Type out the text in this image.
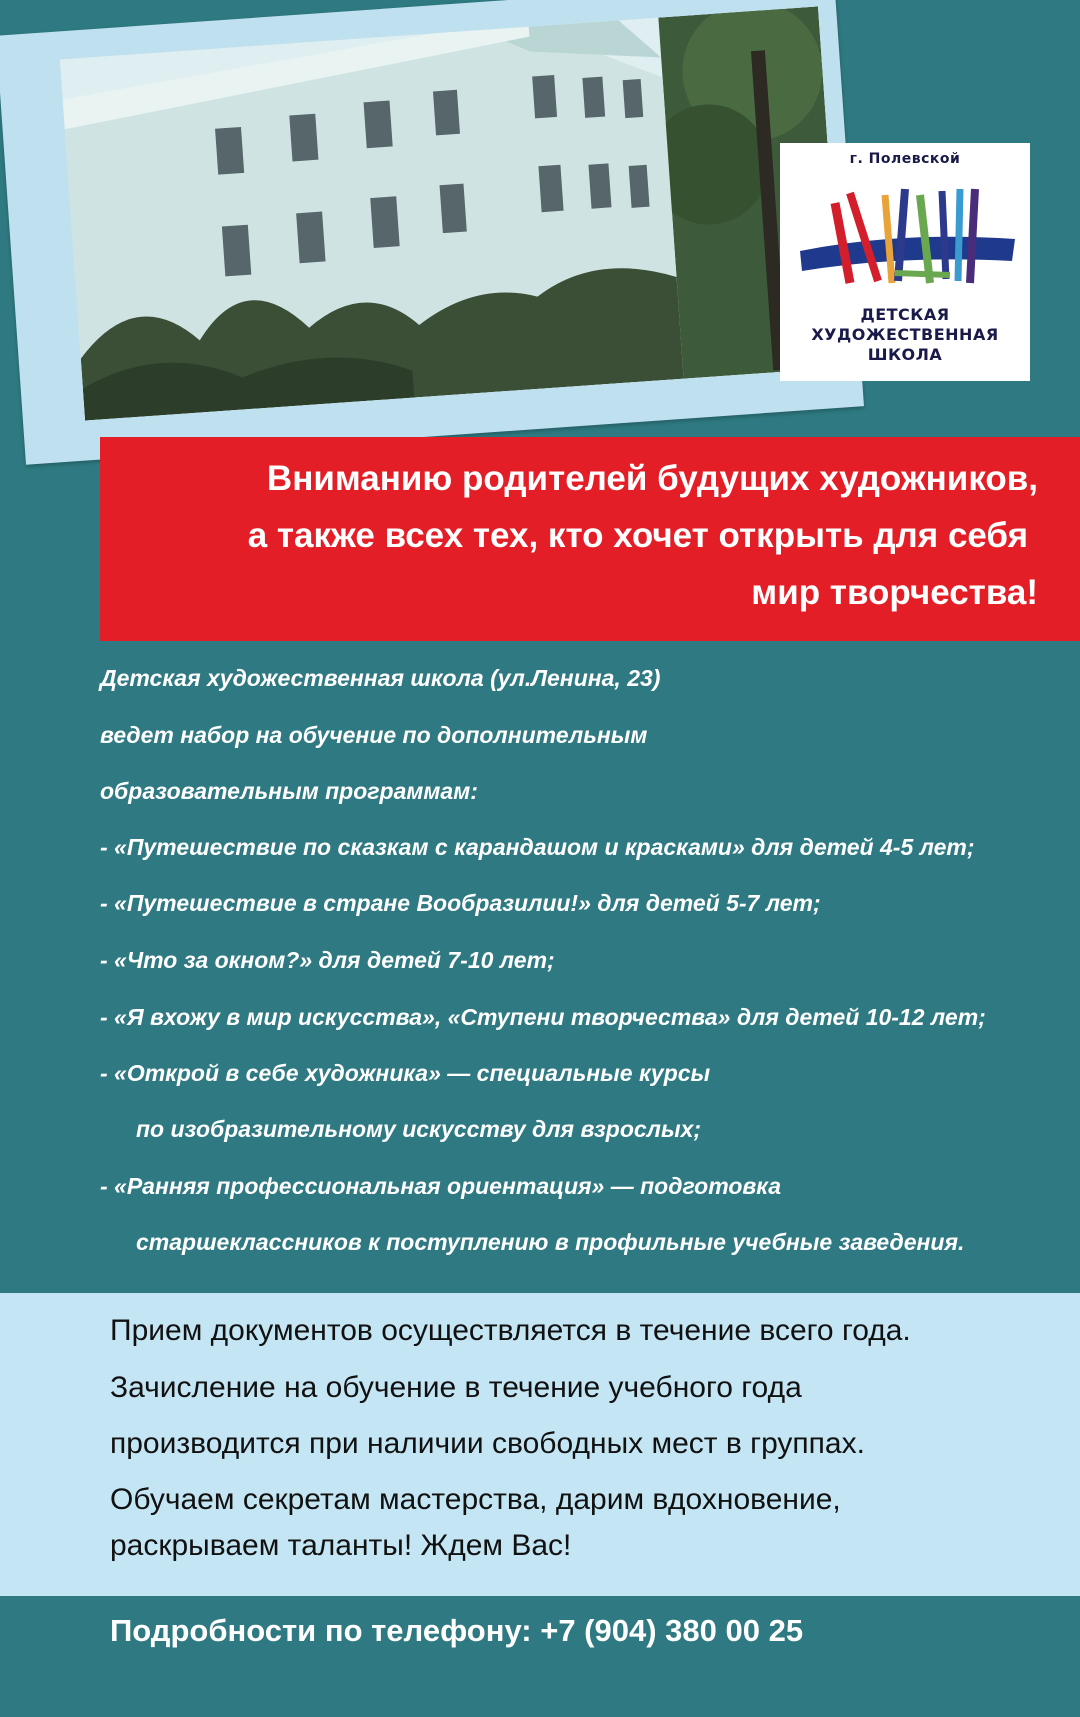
г. Полевской
ДЕТСКАЯ
ХУДОЖЕСТВЕННАЯ
ШКОЛА
Вниманию родителей будущих художников,
а также всех тех, кто хочет открыть для себя
мир творчества!
Детская художественная школа (ул.Ленина, 23)
ведет набор на обучение по дополнительным
образовательным программам:
- «Путешествие по сказкам с карандашом и красками» для детей 4-5 лет;
- «Путешествие в стране Вообразилии!» для детей 5-7 лет;
- «Что за окном?» для детей 7-10 лет;
- «Я вхожу в мир искусства», «Ступени творчества» для детей 10-12 лет;
- «Открой в себе художника» — специальные курсы
по изобразительному искусству для взрослых;
- «Ранняя профессиональная ориентация» — подготовка
старшеклассников к поступлению в профильные учебные заведения.
Прием документов осуществляется в течение всего года.
Зачисление на обучение в течение учебного года
производится при наличии свободных мест в группах.
Обучаем секретам мастерства, дарим вдохновение,
раскрываем таланты! Ждем Вас!
Подробности по телефону: +7 (904) 380 00 25
